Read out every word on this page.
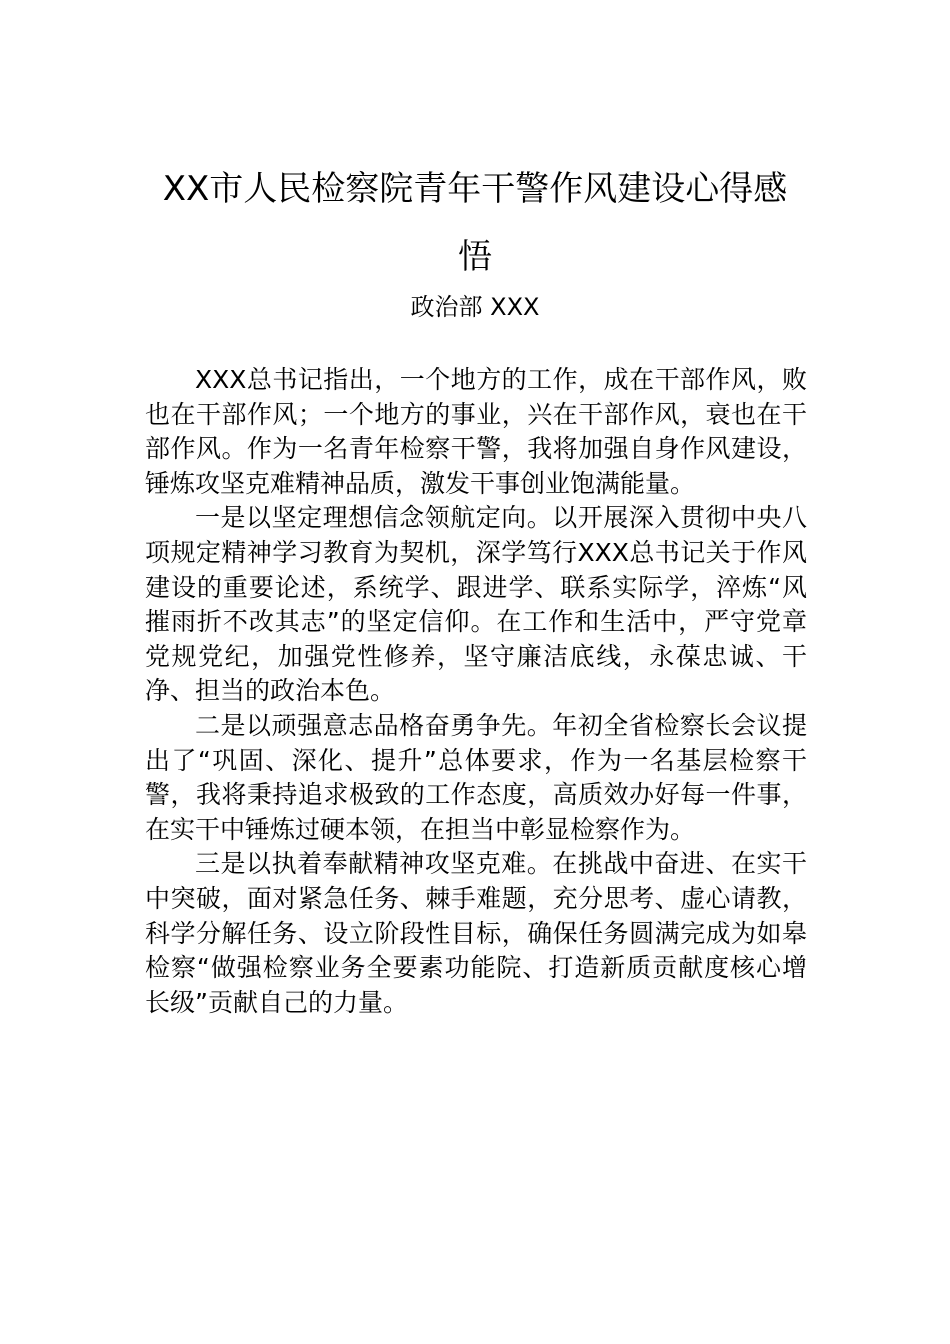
XX市人民检察院青年干警作风建设心得感
悟
政治部 XXX

XXX总书记指出，一个地方的工作，成在干部作风，败也在干部作风；一个地方的事业，兴在干部作风，衰也在干部作风。作为一名青年检察干警，我将加强自身作风建设，锤炼攻坚克难精神品质，激发干事创业饱满能量。

一是以坚定理想信念领航定向。以开展深入贯彻中央八项规定精神学习教育为契机，深学笃行XXX总书记关于作风建设的重要论述，系统学、跟进学、联系实际学，淬炼“风摧雨折不改其志”的坚定信仰。在工作和生活中，严守党章党规党纪，加强党性修养，坚守廉洁底线，永葆忠诚、干净、担当的政治本色。

二是以顽强意志品格奋勇争先。年初全省检察长会议提出了“巩固、深化、提升”总体要求，作为一名基层检察干警，我将秉持追求极致的工作态度，高质效办好每一件事，在实干中锤炼过硬本领，在担当中彰显检察作为。

三是以执着奉献精神攻坚克难。在挑战中奋进、在实干中突破，面对紧急任务、棘手难题，充分思考、虚心请教，科学分解任务、设立阶段性目标，确保任务圆满完成为如皋检察“做强检察业务全要素功能院、打造新质贡献度核心增长级”贡献自己的力量。
